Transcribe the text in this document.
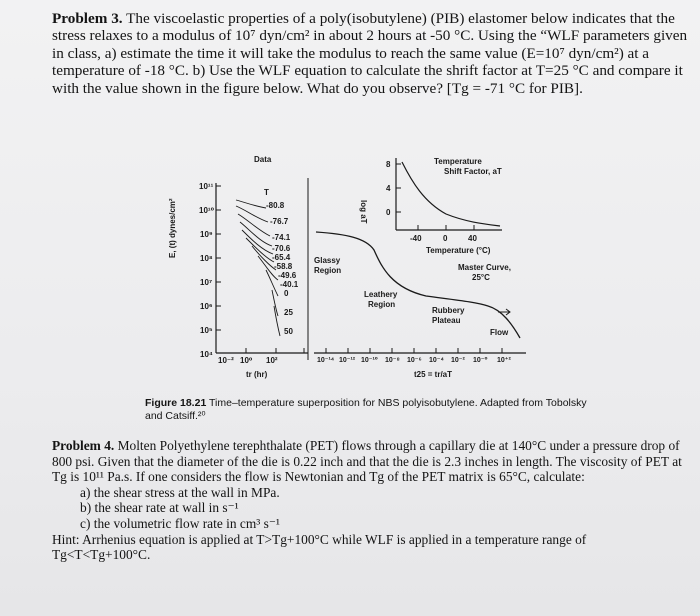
Problem 3. The viscoelastic properties of a poly(isobutylene) (PIB) elastomer below indicates that the stress relaxes to a modulus of 10⁷ dyn/cm² in about 2 hours at -50 °C. Using the “WLF parameters given in class, a) estimate the time it will take the modulus to reach the same value (E=10⁷ dyn/cm²) at a temperature of -18 °C. b) Use the WLF equation to calculate the shrift factor at T=25 °C and compare it with the value shown in the figure below. What do you observe? [Tg = -71 °C for PIB].
Data
E, (t) dynes/cm²
10¹¹
10¹⁰
10⁹
10⁸
10⁷
10⁶
10⁵
10⁴
T
-80.8
-76.7
-74.1
-70.6
-65.4
-58.8
-49.6
-40.1
0
25
50
10⁻² 10⁰ 10²
tr (hr)
Glassy
Region
Leathery
Region
Rubbery
Plateau
Flow
Temperature
Shift Factor, aT
log aT
8
4
0
-40	0	40
Temperature (°C)
Master Curve,
25°C
10⁻¹⁴ 10⁻¹² 10⁻¹⁰ 10⁻⁸ 10⁻⁶ 10⁻⁴ 10⁻² 10⁻⁰ 10⁺²
t25 = tr/aT
Figure 18.21 Time–temperature superposition for NBS polyisobutylene. Adapted from Tobolsky and Catsiff.²⁰
Problem 4. Molten Polyethylene terephthalate (PET) flows through a capillary die at 140°C under a pressure drop of 800 psi. Given that the diameter of the die is 0.22 inch and that the die is 2.3 inches in length. The viscosity of PET at Tg is 10¹¹ Pa.s. If one considers the flow is Newtonian and Tg of the PET matrix is 65°C, calculate:
a) the shear stress at the wall in MPa.
b) the shear rate at wall in s⁻¹
c) the volumetric flow rate in cm³ s⁻¹
Hint: Arrhenius equation is applied at T>Tg+100°C while WLF is applied in a temperature range of Tg<T<Tg+100°C.
